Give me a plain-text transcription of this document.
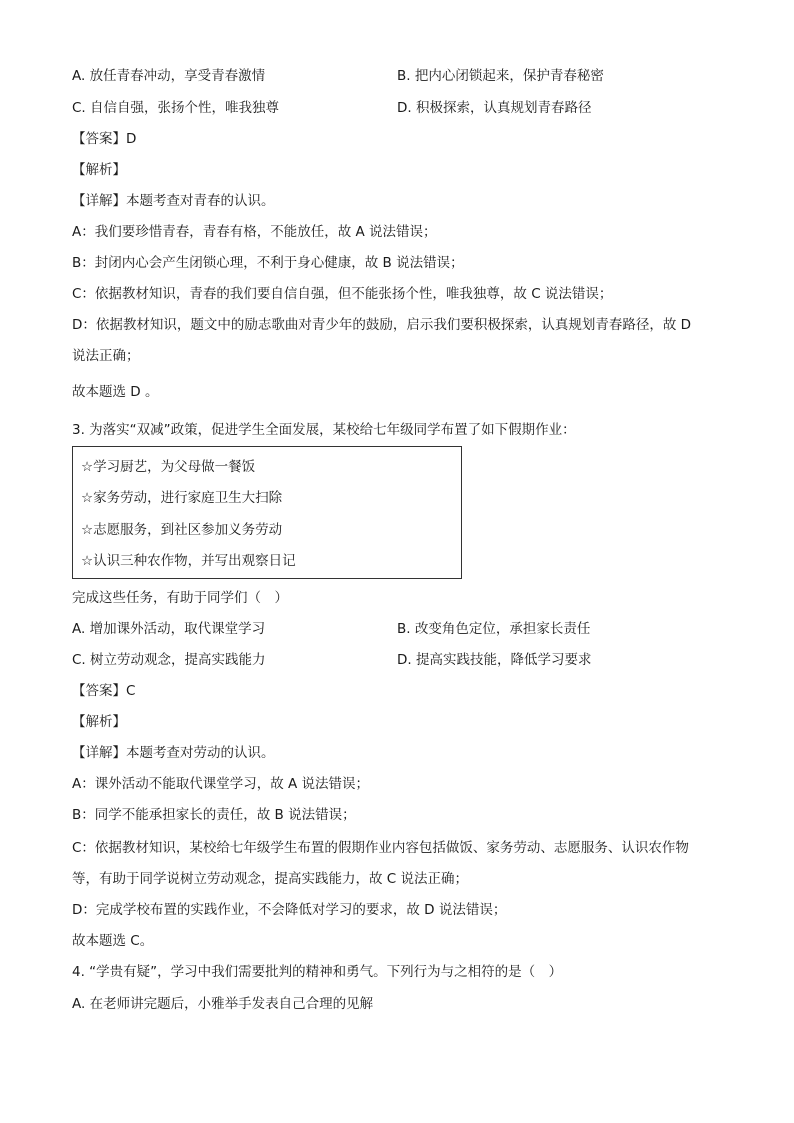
A. 放任青春冲动，享受青春激情	B. 把内心闭锁起来，保护青春秘密
C. 自信自强，张扬个性，唯我独尊	D. 积极探索，认真规划青春路径
【答案】D
【解析】
【详解】本题考查对青春的认识。
A：我们要珍惜青春，青春有格，不能放任，故 A 说法错误；
B：封闭内心会产生闭锁心理，不利于身心健康，故 B 说法错误；
C：依据教材知识，青春的我们要自信自强，但不能张扬个性，唯我独尊，故 C 说法错误；
D：依据教材知识，题文中的励志歌曲对青少年的鼓励，启示我们要积极探索，认真规划青春路径，故 D
说法正确；
故本题选 D 。
3. 为落实“双减”政策，促进学生全面发展，某校给七年级同学布置了如下假期作业：
☆学习厨艺，为父母做一餐饭
☆家务劳动，进行家庭卫生大扫除
☆志愿服务，到社区参加义务劳动
☆认识三种农作物，并写出观察日记
完成这些任务，有助于同学们（　）
A. 增加课外活动，取代课堂学习	B. 改变角色定位，承担家长责任
C. 树立劳动观念，提高实践能力	D. 提高实践技能，降低学习要求
【答案】C
【解析】
【详解】本题考查对劳动的认识。
A：课外活动不能取代课堂学习，故 A 说法错误；
B：同学不能承担家长的责任，故 B 说法错误；
C：依据教材知识，某校给七年级学生布置的假期作业内容包括做饭、家务劳动、志愿服务、认识农作物
等，有助于同学说树立劳动观念，提高实践能力，故 C 说法正确；
D：完成学校布置的实践作业，不会降低对学习的要求，故 D 说法错误；
故本题选 C。
4. “学贵有疑”，学习中我们需要批判的精神和勇气。下列行为与之相符的是（　）
A. 在老师讲完题后，小雅举手发表自己合理的见解
